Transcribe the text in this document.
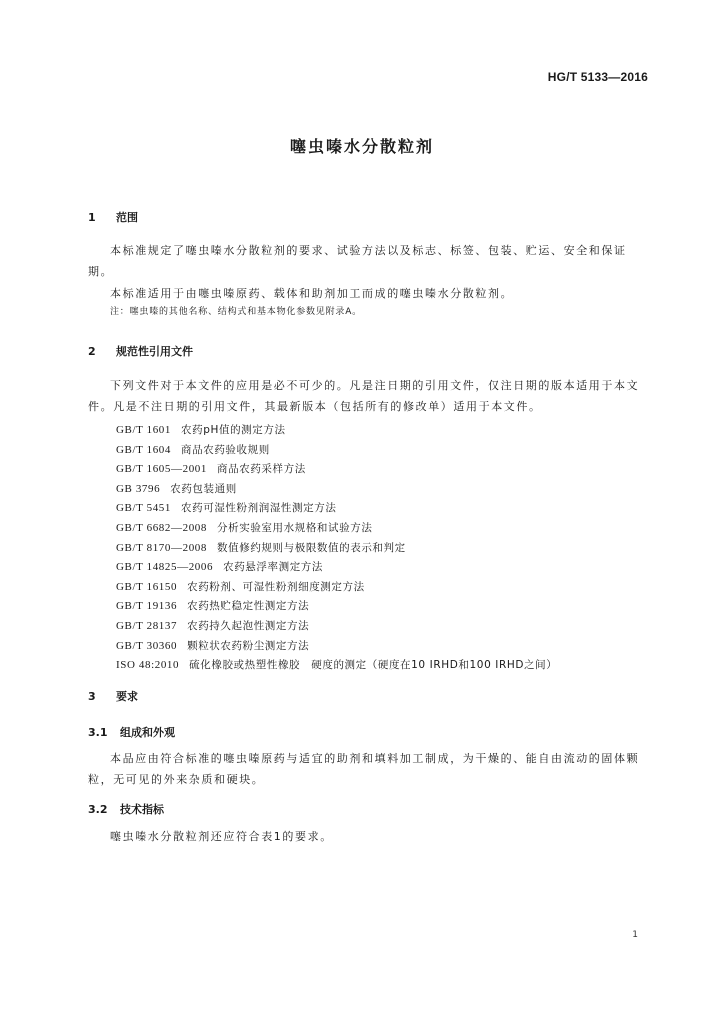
HG/T 5133—2016
噻虫嗪水分散粒剂
1 范围
本标准规定了噻虫嗪水分散粒剂的要求、试验方法以及标志、标签、包装、贮运、安全和保证期。
本标准适用于由噻虫嗪原药、载体和助剂加工而成的噻虫嗪水分散粒剂。
注：噻虫嗪的其他名称、结构式和基本物化参数见附录A。
2 规范性引用文件
下列文件对于本文件的应用是必不可少的。凡是注日期的引用文件，仅注日期的版本适用于本文件。凡是不注日期的引用文件，其最新版本（包括所有的修改单）适用于本文件。
GB/T 1601 农药pH值的测定方法
GB/T 1604 商品农药验收规则
GB/T 1605—2001 商品农药采样方法
GB 3796 农药包装通则
GB/T 5451 农药可湿性粉剂润湿性测定方法
GB/T 6682—2008 分析实验室用水规格和试验方法
GB/T 8170—2008 数值修约规则与极限数值的表示和判定
GB/T 14825—2006 农药悬浮率测定方法
GB/T 16150 农药粉剂、可湿性粉剂细度测定方法
GB/T 19136 农药热贮稳定性测定方法
GB/T 28137 农药持久起泡性测定方法
GB/T 30360 颗粒状农药粉尘测定方法
ISO 48:2010 硫化橡胶或热塑性橡胶　硬度的测定（硬度在10 IRHD和100 IRHD之间）
3 要求
3.1 组成和外观
本品应由符合标准的噻虫嗪原药与适宜的助剂和填料加工制成，为干燥的、能自由流动的固体颗粒，无可见的外来杂质和硬块。
3.2 技术指标
噻虫嗪水分散粒剂还应符合表1的要求。
1
